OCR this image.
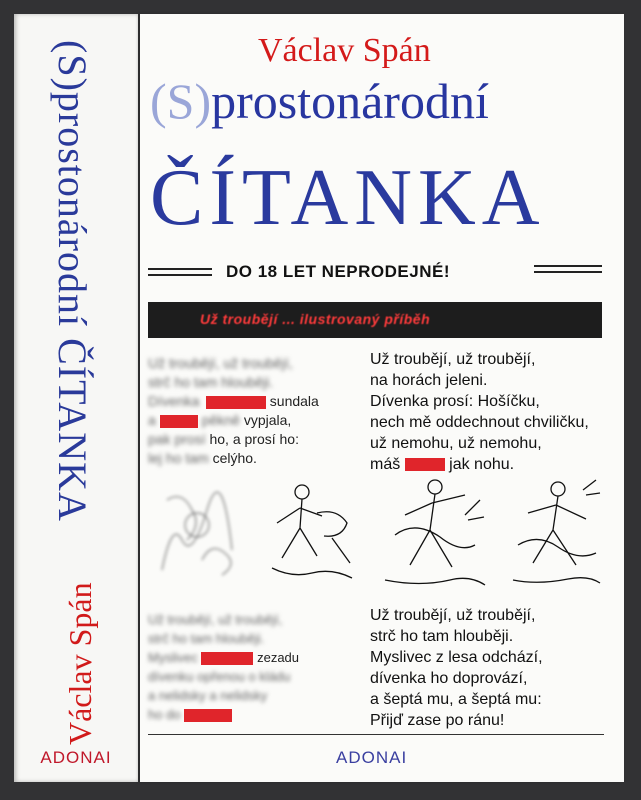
(S)prostonárodní ČÍTANKA
Václav Spán
ADONAI
Václav Spán
(S)prostonárodní
ČÍTANKA
DO 18 LET NEPRODEJNÉ!
Už troubějí ... ilustrovaný příběh
Už troubějí, už troubějí,
strč ho tam hlouběji.
Dívenka	sundala
a	pěkně vypjala,
pak prosí ho, a prosí ho:
lej ho tam celýho.
Už troubějí, už troubějí,
na horách jeleni.
Dívenka prosí: Hošíčku,
nech mě oddechnout chviličku,
už nemohu, už nemohu,
máš	jak nohu.
Už troubějí, už troubějí,
strč ho tam hlouběji.
Myslivec	zezadu
dívenku opřenou o kládu
a nelidsky a nelidsky
ho do
Už troubějí, už troubějí,
strč ho tam hlouběji.
Myslivec z lesa odchází,
dívenka ho doprovází,
a šeptá mu, a šeptá mu:
Přijď zase po ránu!
ADONAI
